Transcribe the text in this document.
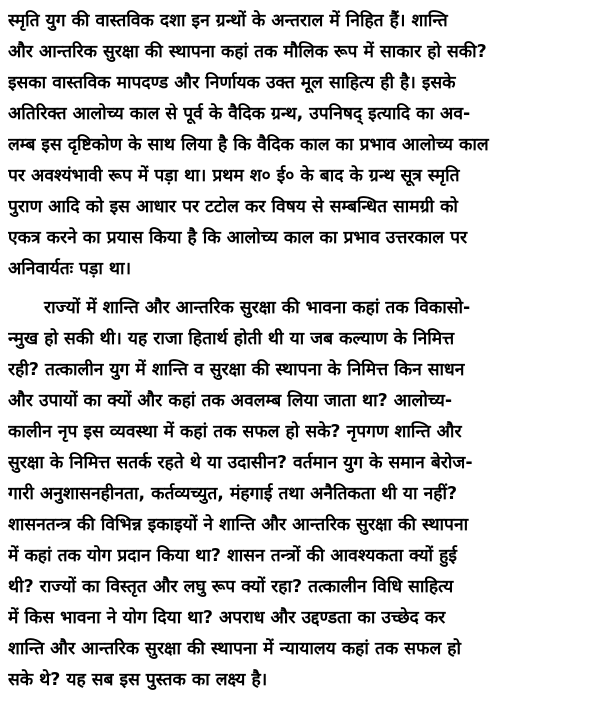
स्मृति युग की वास्तविक दशा इन ग्रन्थों के अन्तराल में निहित हैं। शान्ति
और आन्तरिक सुरक्षा की स्थापना कहां तक मौलिक रूप में साकार हो सकी?
इसका वास्तविक मापदण्ड और निर्णायक उक्त मूल साहित्य ही है। इसके
अतिरिक्त आलोच्य काल से पूर्व के वैदिक ग्रन्थ, उपनिषद् इत्यादि का अव-
लम्ब इस दृष्टिकोण के साथ लिया है कि वैदिक काल का प्रभाव आलोच्य काल
पर अवश्यंभावी रूप में पड़ा था। प्रथम श० ई० के बाद के ग्रन्थ सूत्र स्मृति
पुराण आदि को इस आधार पर टटोल कर विषय से सम्बन्धित सामग्री को
एकत्र करने का प्रयास किया है कि आलोच्य काल का प्रभाव उत्तरकाल पर
अनिवार्यतः पड़ा था।
राज्यों में शान्ति और आन्तरिक सुरक्षा की भावना कहां तक विकासो-
न्मुख हो सकी थी। यह राजा हितार्थ होती थी या जब कल्याण के निमित्त
रही? तत्कालीन युग में शान्ति व सुरक्षा की स्थापना के निमित्त किन साधन
और उपायों का क्यों और कहां तक अवलम्ब लिया जाता था? आलोच्य-
कालीन नृप इस व्यवस्था में कहां तक सफल हो सके? नृपगण शान्ति और
सुरक्षा के निमित्त सतर्क रहते थे या उदासीन? वर्तमान युग के समान बेरोज-
गारी अनुशासनहीनता, कर्तव्यच्युत, मंहगाई तथा अनैतिकता थी या नहीं?
शासनतन्त्र की विभिन्न इकाइयों ने शान्ति और आन्तरिक सुरक्षा की स्थापना
में कहां तक योग प्रदान किया था? शासन तन्त्रों की आवश्यकता क्यों हुई
थी? राज्यों का विस्तृत और लघु रूप क्यों रहा? तत्कालीन विधि साहित्य
में किस भावना ने योग दिया था? अपराध और उद्दण्डता का उच्छेद कर
शान्ति और आन्तरिक सुरक्षा की स्थापना में न्यायालय कहां तक सफल हो
सके थे? यह सब इस पुस्तक का लक्ष्य है।
